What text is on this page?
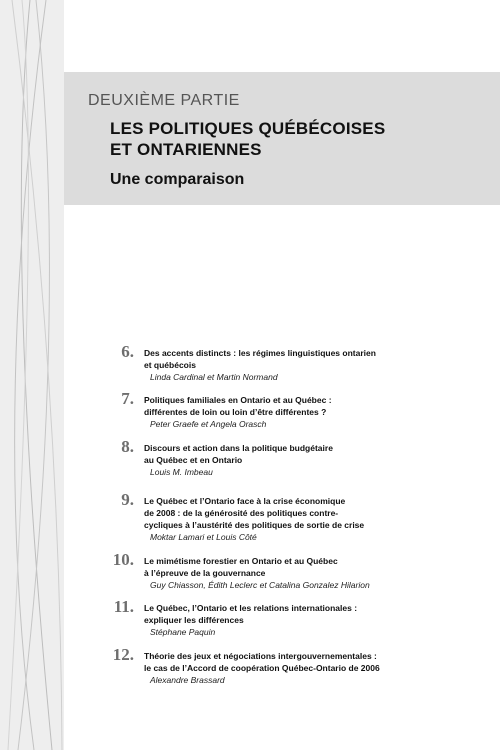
DEUXIÈME PARTIE
LES POLITIQUES QUÉBÉCOISES
ET ONTARIENNES
Une comparaison
6. Des accents distincts : les régimes linguistiques ontarien
et québécois
Linda Cardinal et Martin Normand
7. Politiques familiales en Ontario et au Québec :
différentes de loin ou loin d’être différentes ?
Peter Graefe et Angela Orasch
8. Discours et action dans la politique budgétaire
au Québec et en Ontario
Louis M. Imbeau
9. Le Québec et l’Ontario face à la crise économique
de 2008 : de la générosité des politiques contre-
cycliques à l’austérité des politiques de sortie de crise
Moktar Lamari et Louis Côté
10. Le mimétisme forestier en Ontario et au Québec
à l’épreuve de la gouvernance
Guy Chiasson, Édith Leclerc et Catalina Gonzalez Hilarion
11. Le Québec, l’Ontario et les relations internationales :
expliquer les différences
Stéphane Paquin
12. Théorie des jeux et négociations intergouvernementales :
le cas de l’Accord de coopération Québec-Ontario de 2006
Alexandre Brassard
